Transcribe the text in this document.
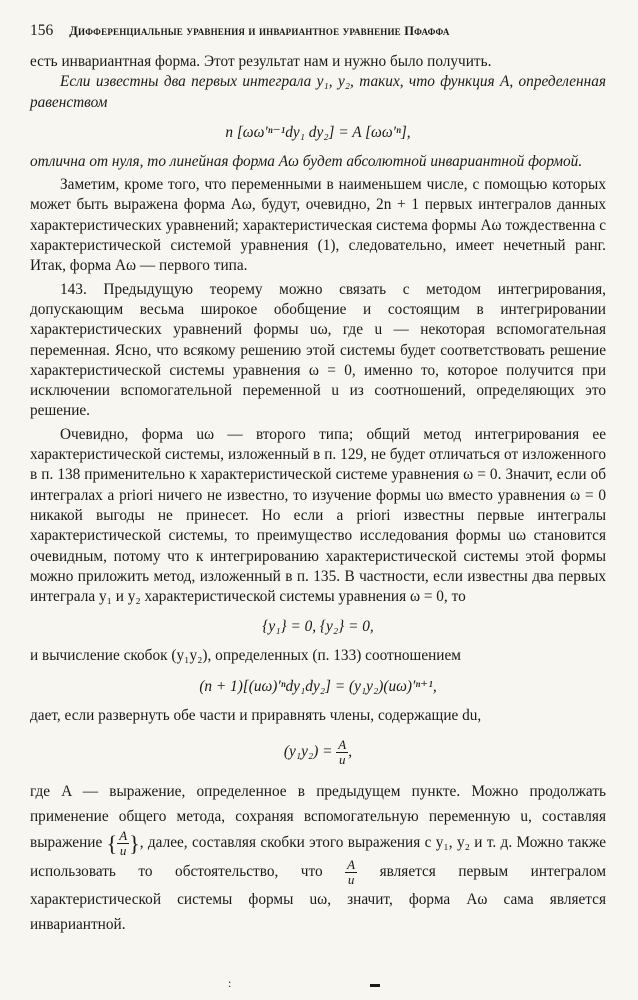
156 Дифференциальные уравнения и инвариантное уравнение Пфаффа

есть инвариантная форма. Этот результат нам и нужно было получить.

Если известны два первых интеграла y₁, y₂, таких, что функция A, определенная равенством

n [ωω′ⁿ⁻¹dy₁ dy₂] = A [ωω′ⁿ],

отлична от нуля, то линейная форма Aω будет абсолютной инвариантной формой.

Заметим, кроме того, что переменными в наименьшем числе, с помощью которых может быть выражена форма Aω, будут, очевидно, 2n + 1 первых интегралов данных характеристических уравнений; характеристическая система формы Aω тождественна с характеристической системой уравнения (1), следовательно, имеет нечетный ранг. Итак, форма Aω — первого типа.

143. Предыдущую теорему можно связать с методом интегрирования, допускающим весьма широкое обобщение и состоящим в интегрировании характеристических уравнений формы uω, где u — некоторая вспомогательная переменная. Ясно, что всякому решению этой системы будет соответствовать решение характеристической системы уравнения ω = 0, именно то, которое получится при исключении вспомогательной переменной u из соотношений, определяющих это решение.

Очевидно, форма uω — второго типа; общий метод интегрирования ее характеристической системы, изложенный в п. 129, не будет отличаться от изложенного в п. 138 применительно к характеристической системе уравнения ω = 0. Значит, если об интегралах a priori ничего не известно, то изучение формы uω вместо уравнения ω = 0 никакой выгоды не принесет. Но если a priori известны первые интегралы характеристической системы, то преимущество исследования формы uω становится очевидным, потому что к интегрированию характеристической системы этой формы можно приложить метод, изложенный в п. 135. В частности, если известны два первых интеграла y₁ и y₂ характеристической системы уравнения ω = 0, то

{y₁} = 0, {y₂} = 0,

и вычисление скобок (y₁y₂), определенных (п. 133) соотношением

(n + 1)[(uω)′ⁿdy₁dy₂] = (y₁y₂)(uω)′ⁿ⁺¹,

дает, если развернуть обе части и приравнять члены, содержащие du,

$(y_1y_2) = \frac{A}{u}$ ,

где A — выражение, определенное в предыдущем пункте. Можно продолжать применение общего метода, сохраняя вспомогательную переменную u, составляя выражение { $\frac{A}{u}$ }, далее, составляя скобки этого выражения с y₁, y₂ и т. д. Можно также использовать то обстоятельство, что $\frac{A}{u}$ является первым интегралом характеристической системы формы uω, значит, форма Aω сама является инвариантной.

:
